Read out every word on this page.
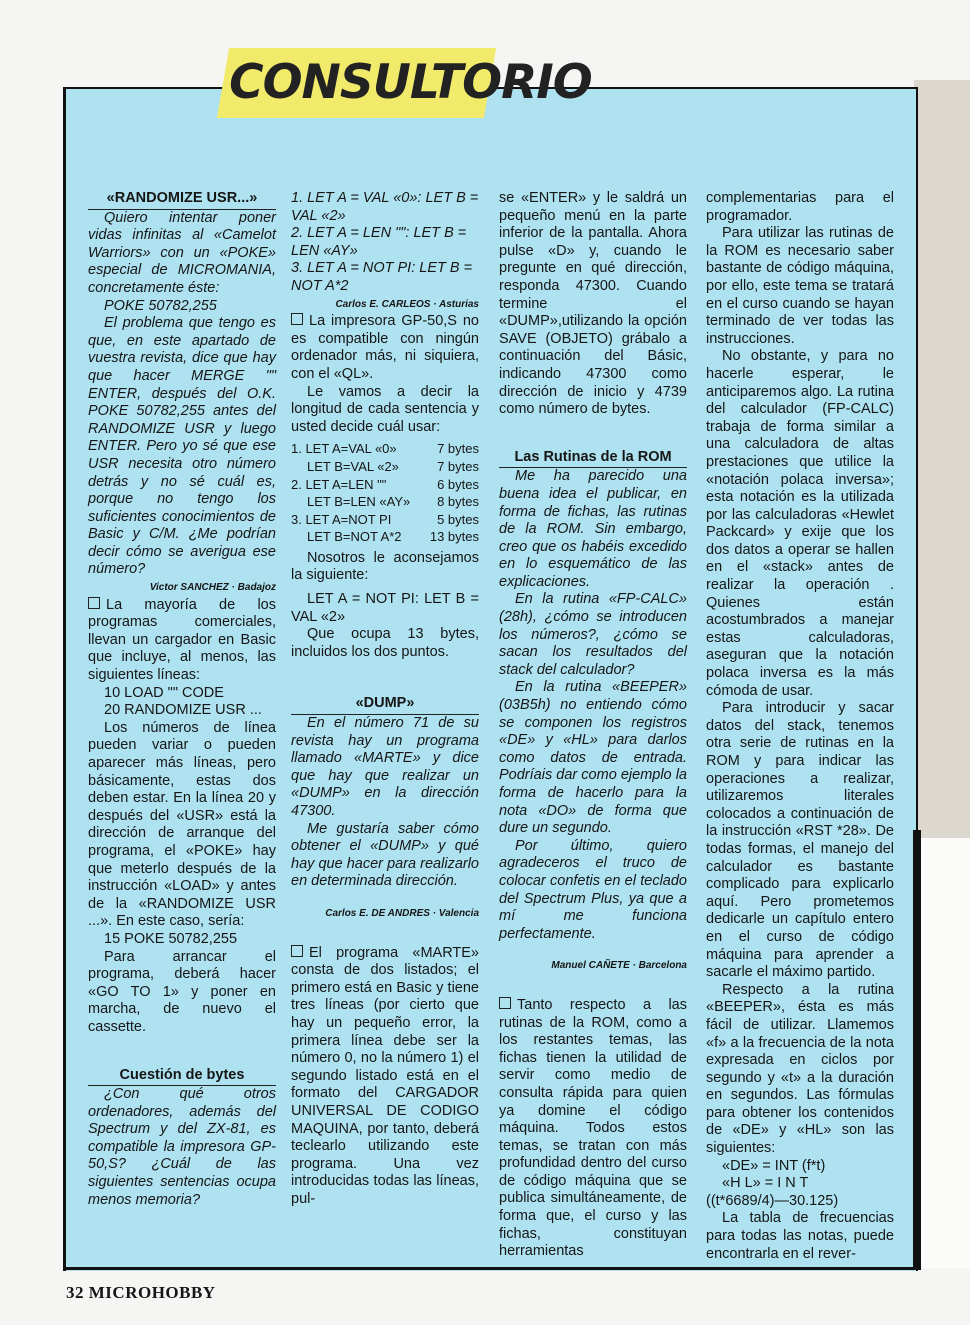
CONSULTORIO

«RANDOMIZE USR...»

Quiero intentar poner vidas infinitas al «Camelot Warriors» con un «POKE» especial de MICROMANIA, concretamente éste:

POKE 50782,255

El problema que tengo es que, en este apartado de vuestra revista, dice que hay que hacer MERGE "" ENTER, después del O.K. POKE 50782,255 antes del RANDOMIZE USR y luego ENTER. Pero yo sé que ese USR necesita otro número detrás y no sé cuál es, porque no tengo los suficientes conocimientos de Basic y C/M. ¿Me podrían decir cómo se averigua ese número?

Victor SANCHEZ · Badajoz

La mayoría de los programas comerciales, llevan un cargador en Basic que incluye, al menos, las siguientes líneas:

10 LOAD "" CODE

20 RANDOMIZE USR ...

Los números de línea pueden variar o pueden aparecer más líneas, pero básicamente, estas dos deben estar. En la línea 20 y después del «USR» está la dirección de arranque del programa, el «POKE» hay que meterlo después de la instrucción «LOAD» y antes de la «RANDOMIZE USR ...». En este caso, sería:

15 POKE 50782,255

Para arrancar el programa, deberá hacer «GO TO 1» y poner en marcha, de nuevo el cassette.

Cuestión de bytes

¿Con qué otros ordenadores, además del Spectrum y del ZX-81, es compatible la impresora GP-50,S? ¿Cuál de las siguientes sentencias ocupa menos memoria?

1. LET A = VAL «0»: LET B = VAL «2»

2. LET A = LEN "": LET B = LEN «AY»

3. LET A = NOT PI: LET B = NOT A*2

Carlos E. CARLEOS · Asturias

La impresora GP-50,S no es compatible con ningún ordenador más, ni siquiera, con el «QL».

Le vamos a decir la longitud de cada sentencia y usted decide cuál usar:

1. LET A=VAL «0»	7 bytes
LET B=VAL «2»	7 bytes
2. LET A=LEN ""	6 bytes
LET B=LEN «AY»	8 bytes
3. LET A=NOT PI	5 bytes
LET B=NOT A*2	13 bytes

Nosotros le aconsejamos la siguiente:

LET A = NOT PI: LET B = VAL «2»

Que ocupa 13 bytes, incluidos los dos puntos.

«DUMP»

En el número 71 de su revista hay un programa llamado «MARTE» y dice que hay que realizar un «DUMP» en la dirección 47300.

Me gustaría saber cómo obtener el «DUMP» y qué hay que hacer para realizarlo en determinada dirección.

Carlos E. DE ANDRES · Valencia

El programa «MARTE» consta de dos listados; el primero está en Basic y tiene tres líneas (por cierto que hay un pequeño error, la primera línea debe ser la número 0, no la número 1) el segundo listado está en el formato del CARGADOR UNIVERSAL DE CODIGO MAQUINA, por tanto, deberá teclearlo utilizando este programa. Una vez introducidas todas las líneas, pul-

se «ENTER» y le saldrá un pequeño menú en la parte inferior de la pantalla. Ahora pulse «D» y, cuando le pregunte en qué dirección, responda 47300. Cuando termine el «DUMP»,utilizando la opción SAVE (OBJETO) grábalo a continuación del Básic, indicando 47300 como dirección de inicio y 4739 como número de bytes.

Las Rutinas de la ROM

Me ha parecido una buena idea el publicar, en forma de fichas, las rutinas de la ROM. Sin embargo, creo que os habéis excedido en lo esquemático de las explicaciones.

En la rutina «FP-CALC» (28h), ¿cómo se introducen los números?, ¿cómo se sacan los resultados del stack del calculador?

En la rutina «BEEPER» (03B5h) no entiendo cómo se componen los registros «DE» y «HL» para darlos como datos de entrada. Podríais dar como ejemplo la forma de hacerlo para la nota «DO» de forma que dure un segundo.

Por último, quiero agradeceros el truco de colocar confetis en el teclado del Spectrum Plus, ya que a mí me funciona perfectamente.

Manuel CAÑETE · Barcelona

Tanto respecto a las rutinas de la ROM, como a los restantes temas, las fichas tienen la utilidad de servir como medio de consulta rápida para quien ya domine el código máquina. Todos estos temas, se tratan con más profundidad dentro del curso de código máquina que se publica simultáneamente, de forma que, el curso y las fichas, constituyan herramientas

complementarias para el programador.

Para utilizar las rutinas de la ROM es necesario saber bastante de código máquina, por ello, este tema se tratará en el curso cuando se hayan terminado de ver todas las instrucciones.

No obstante, y para no hacerle esperar, le anticiparemos algo. La rutina del calculador (FP-CALC) trabaja de forma similar a una calculadora de altas prestaciones que utilice la «notación polaca inversa»; esta notación es la utilizada por las calculadoras «Hewlet Packcard» y exije que los dos datos a operar se hallen en el «stack» antes de realizar la operación . Quienes están acostumbrados a manejar estas calculadoras, aseguran que la notación polaca inversa es la más cómoda de usar.

Para introducir y sacar datos del stack, tenemos otra serie de rutinas en la ROM y para indicar las operaciones a realizar, utilizaremos literales colocados a continuación de la instrucción «RST *28». De todas formas, el manejo del calculador es bastante complicado para explicarlo aquí. Pero prometemos dedicarle un capítulo entero en el curso de código máquina para aprender a sacarle el máximo partido.

Respecto a la rutina «BEEPER», ésta es más fácil de utilizar. Llamemos «f» a la frecuencia de la nota expresada en ciclos por segundo y «t» a la duración en segundos. Las fórmulas para obtener los contenidos de «DE» y «HL» son las siguientes:

«DE» = INT (f*t)

«H L» = I N T

((t*6689/4)—30.125)

La tabla de frecuencias para todas las notas, puede encontrarla en el rever-

32 MICROHOBBY
